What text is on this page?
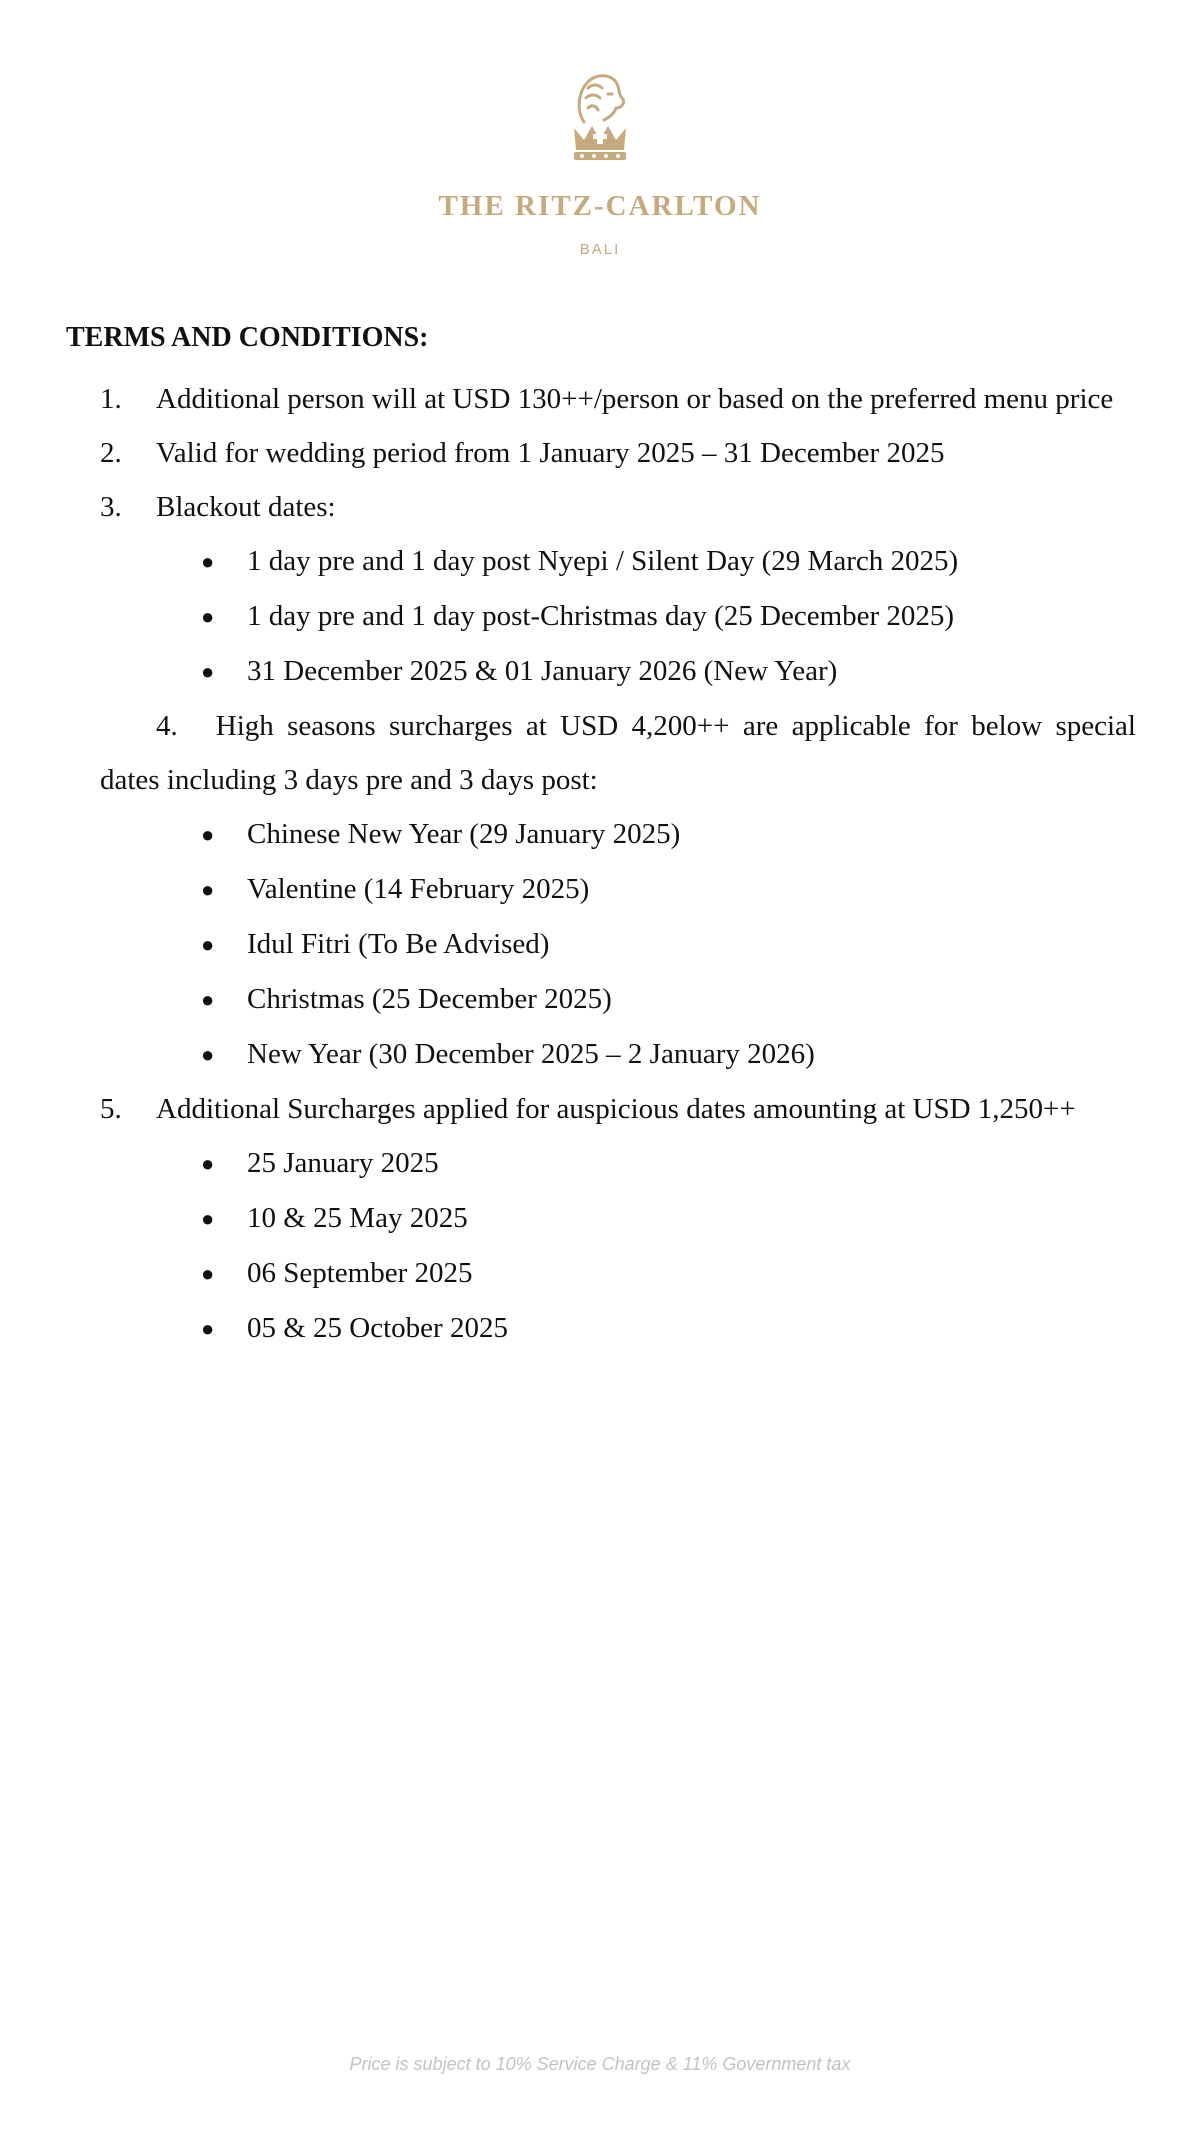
THE RITZ-CARLTON
BALI
TERMS AND CONDITIONS:
1.	Additional person will at USD 130++/person or based on the preferred menu price
2.	Valid for wedding period from 1 January 2025 – 31 December 2025
3.	Blackout dates:
● 1 day pre and 1 day post Nyepi / Silent Day (29 March 2025)
● 1 day pre and 1 day post-Christmas day (25 December 2025)
● 31 December 2025 & 01 January 2026 (New Year)
4. High seasons surcharges at USD 4,200++ are applicable for below special dates including 3 days pre and 3 days post:
● Chinese New Year (29 January 2025)
● Valentine (14 February 2025)
● Idul Fitri (To Be Advised)
● Christmas (25 December 2025)
● New Year (30 December 2025 – 2 January 2026)
5.	Additional Surcharges applied for auspicious dates amounting at USD 1,250++
● 25 January 2025
● 10 & 25 May 2025
● 06 September 2025
● 05 & 25 October 2025
Price is subject to 10% Service Charge & 11% Government tax
